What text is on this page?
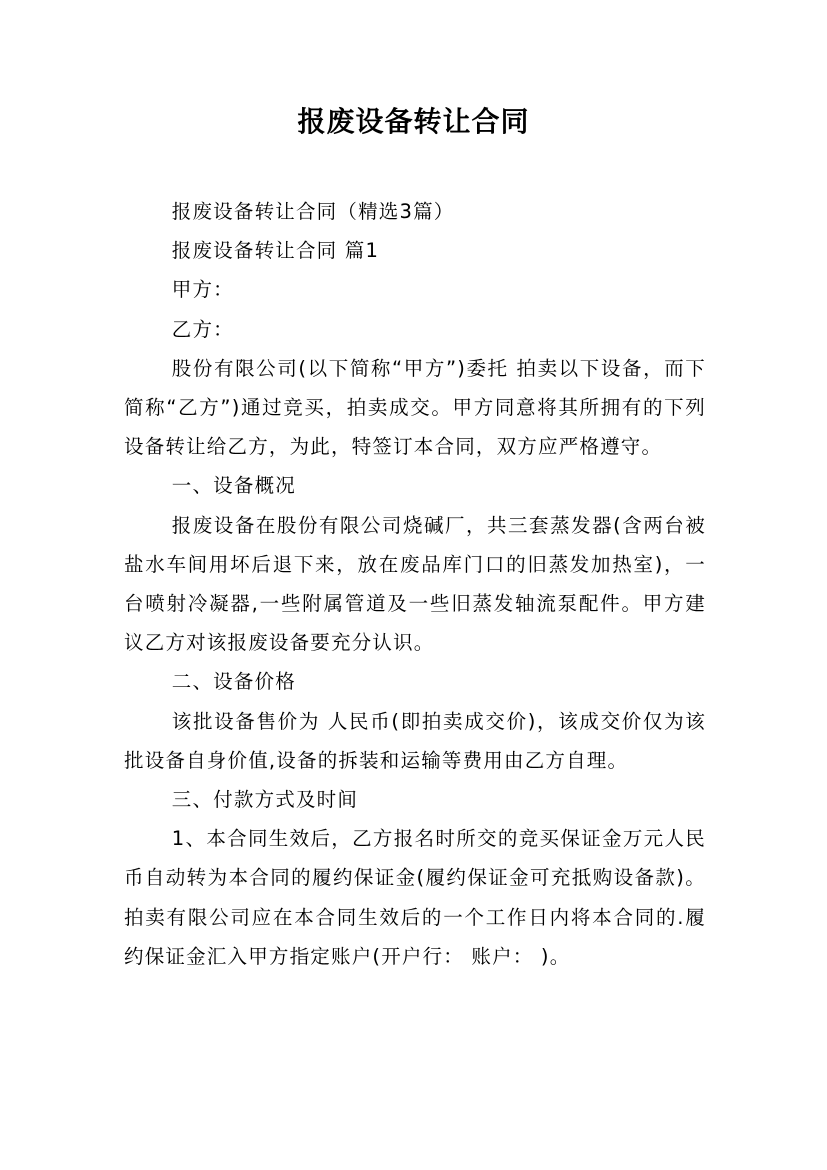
报废设备转让合同

报废设备转让合同（精选3篇）

报废设备转让合同 篇1

甲方：

乙方：

股份有限公司(以下简称“甲方”)委托 拍卖以下设备，而下简称“乙方”)通过竞买，拍卖成交。甲方同意将其所拥有的下列设备转让给乙方，为此，特签订本合同，双方应严格遵守。

一、设备概况

报废设备在股份有限公司烧碱厂，共三套蒸发器(含两台被盐水车间用坏后退下来，放在废品库门口的旧蒸发加热室)，一台喷射冷凝器,一些附属管道及一些旧蒸发轴流泵配件。甲方建议乙方对该报废设备要充分认识。

二、设备价格

该批设备售价为 人民币(即拍卖成交价)，该成交价仅为该批设备自身价值,设备的拆装和运输等费用由乙方自理。

三、付款方式及时间

1、本合同生效后，乙方报名时所交的竞买保证金万元人民币自动转为本合同的履约保证金(履约保证金可充抵购设备款)。 拍卖有限公司应在本合同生效后的一个工作日内将本合同的.履约保证金汇入甲方指定账户(开户行： 账户： )。
